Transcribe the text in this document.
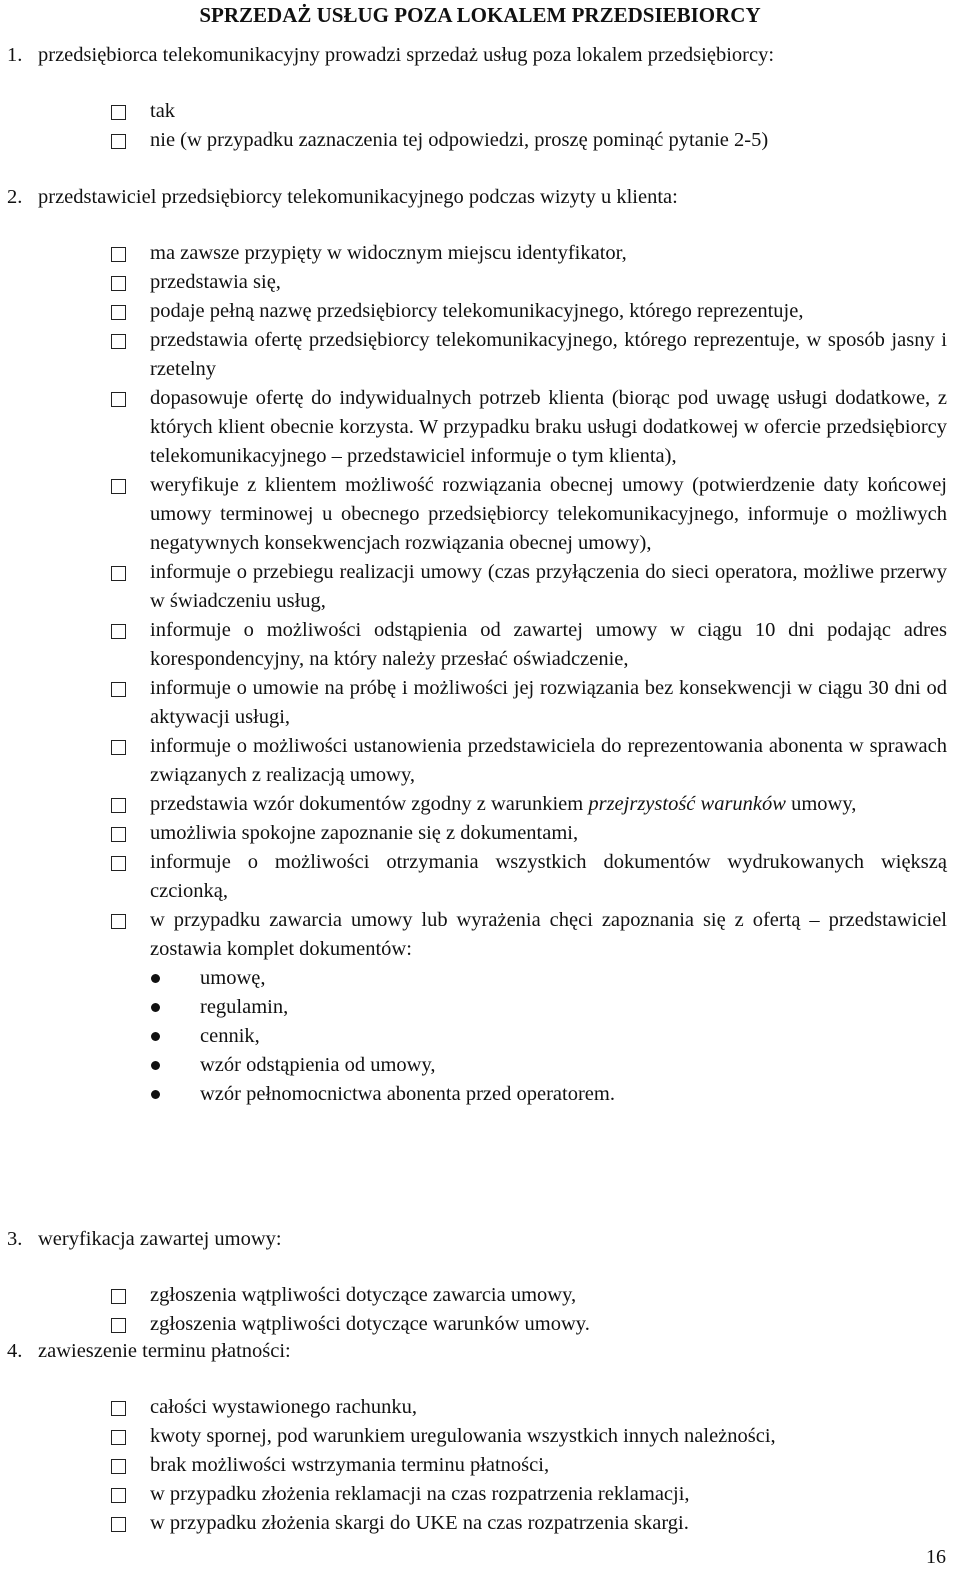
SPRZEDAŻ USŁUG POZA LOKALEM PRZEDSIEBIORCY
1. przedsiębiorca telekomunikacyjny prowadzi sprzedaż usług poza lokalem przedsiębiorcy:
tak
nie (w przypadku zaznaczenia tej odpowiedzi, proszę pominąć pytanie 2-5)
2. przedstawiciel przedsiębiorcy telekomunikacyjnego podczas wizyty u klienta:
ma zawsze przypięty w widocznym miejscu identyfikator,
przedstawia się,
podaje pełną nazwę przedsiębiorcy telekomunikacyjnego, którego reprezentuje,
przedstawia ofertę przedsiębiorcy telekomunikacyjnego, którego reprezentuje, w sposób jasny i rzetelny
dopasowuje ofertę do indywidualnych potrzeb klienta (biorąc pod uwagę usługi dodatkowe, z których klient obecnie korzysta. W przypadku braku usługi dodatkowej w ofercie przedsiębiorcy telekomunikacyjnego – przedstawiciel informuje o tym klienta),
weryfikuje z klientem możliwość rozwiązania obecnej umowy (potwierdzenie daty końcowej umowy terminowej u obecnego przedsiębiorcy telekomunikacyjnego, informuje o możliwych negatywnych konsekwencjach rozwiązania obecnej umowy),
informuje o przebiegu realizacji umowy (czas przyłączenia do sieci operatora, możliwe przerwy w świadczeniu usług,
informuje o możliwości odstąpienia od zawartej umowy w ciągu 10 dni podając adres korespondencyjny, na który należy przesłać oświadczenie,
informuje o umowie na próbę i możliwości jej rozwiązania bez konsekwencji w ciągu 30 dni od aktywacji usługi,
informuje o możliwości ustanowienia przedstawiciela do reprezentowania abonenta w sprawach związanych z realizacją umowy,
przedstawia wzór dokumentów zgodny z warunkiem przejrzystość warunków umowy,
umożliwia spokojne zapoznanie się z dokumentami,
informuje o możliwości otrzymania wszystkich dokumentów wydrukowanych większą czcionką,
w przypadku zawarcia umowy lub wyrażenia chęci zapoznania się z ofertą – przedstawiciel zostawia komplet dokumentów:
umowę,
regulamin,
cennik,
wzór odstąpienia od umowy,
wzór pełnomocnictwa abonenta przed operatorem.
3. weryfikacja zawartej umowy:
zgłoszenia wątpliwości dotyczące zawarcia umowy,
zgłoszenia wątpliwości dotyczące warunków umowy.
4. zawieszenie terminu płatności:
całości wystawionego rachunku,
kwoty spornej, pod warunkiem uregulowania wszystkich innych należności,
brak możliwości wstrzymania terminu płatności,
w przypadku złożenia reklamacji na czas rozpatrzenia reklamacji,
w przypadku złożenia skargi do UKE na czas rozpatrzenia skargi.
16
